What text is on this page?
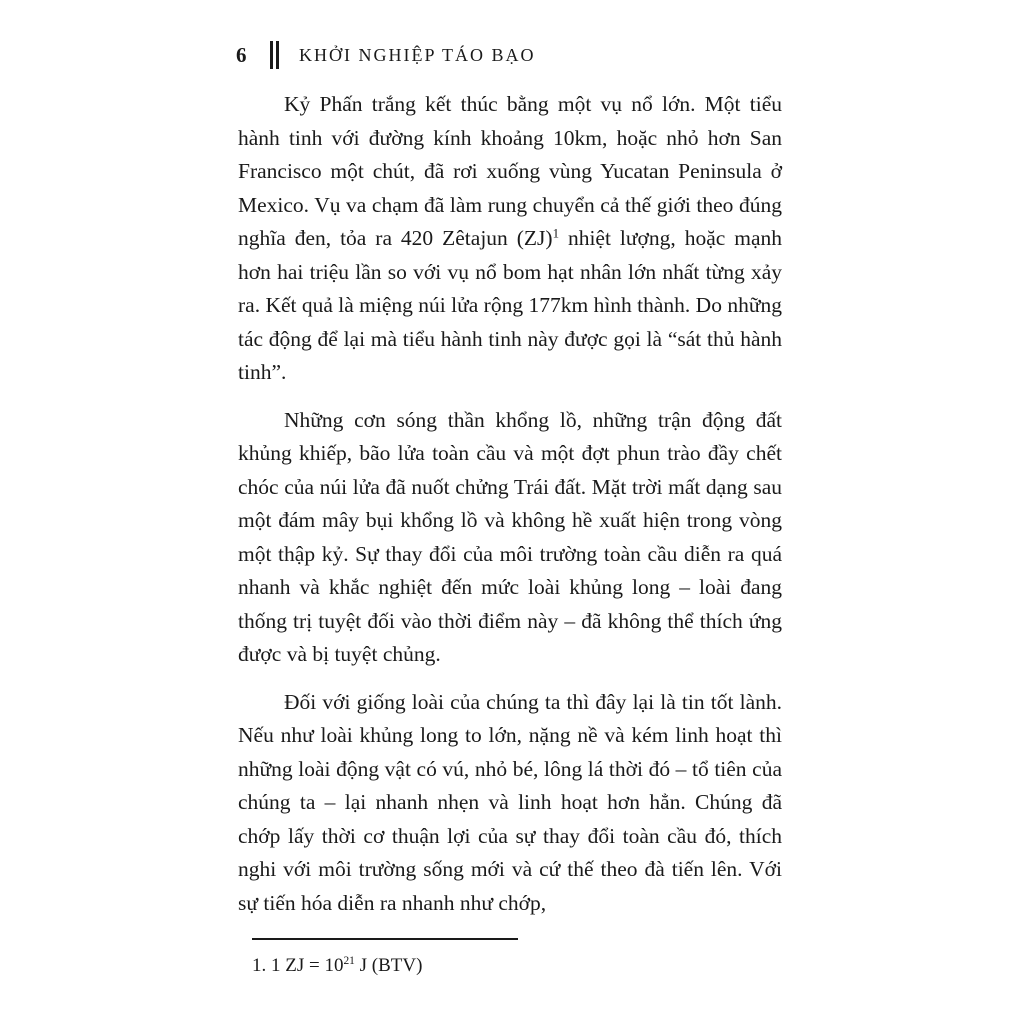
6	KHỞI NGHIỆP TÁO BẠO

Kỷ Phấn trắng kết thúc bằng một vụ nổ lớn. Một tiểu hành tinh với đường kính khoảng 10km, hoặc nhỏ hơn San Francisco một chút, đã rơi xuống vùng Yucatan Peninsula ở Mexico. Vụ va chạm đã làm rung chuyển cả thế giới theo đúng nghĩa đen, tỏa ra 420 Zêtajun (ZJ)$^1$ nhiệt lượng, hoặc mạnh hơn hai triệu lần so với vụ nổ bom hạt nhân lớn nhất từng xảy ra. Kết quả là miệng núi lửa rộng 177km hình thành. Do những tác động để lại mà tiểu hành tinh này được gọi là “sát thủ hành tinh”.

Những cơn sóng thần khổng lồ, những trận động đất khủng khiếp, bão lửa toàn cầu và một đợt phun trào đầy chết chóc của núi lửa đã nuốt chửng Trái đất. Mặt trời mất dạng sau một đám mây bụi khổng lồ và không hề xuất hiện trong vòng một thập kỷ. Sự thay đổi của môi trường toàn cầu diễn ra quá nhanh và khắc nghiệt đến mức loài khủng long – loài đang thống trị tuyệt đối vào thời điểm này – đã không thể thích ứng được và bị tuyệt chủng.

Đối với giống loài của chúng ta thì đây lại là tin tốt lành. Nếu như loài khủng long to lớn, nặng nề và kém linh hoạt thì những loài động vật có vú, nhỏ bé, lông lá thời đó – tổ tiên của chúng ta – lại nhanh nhẹn và linh hoạt hơn hẳn. Chúng đã chớp lấy thời cơ thuận lợi của sự thay đổi toàn cầu đó, thích nghi với môi trường sống mới và cứ thế theo đà tiến lên. Với sự tiến hóa diễn ra nhanh như chớp,

1. 1 ZJ = $10^{21}$ J (BTV)
